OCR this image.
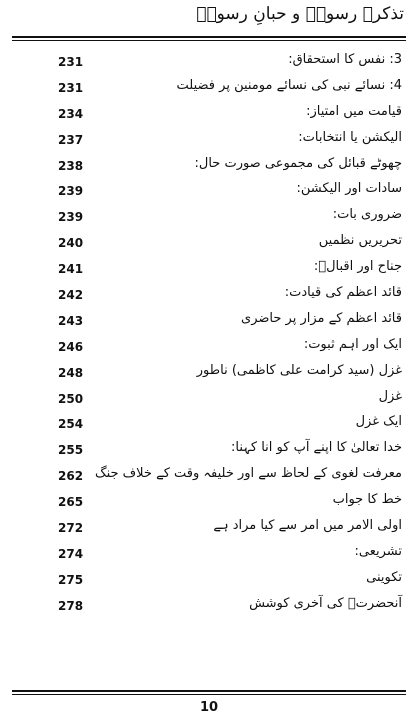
تذکرۂ رسولؐ و حبانِ رسولؐ
231	3: نفس کا استحقاق:
231	4: نسائے نبی کی نسائے مومنین پر فضیلت
234	قیامت میں امتیاز:
237	الیکشن یا انتخابات:
238	چھوٹے قبائل کی مجموعی صورت حال:
239	سادات اور الیکشن:
239	ضروری بات:
240	تحریریں نظمیں
241	جناح اور اقبالؒ:
242	قائد اعظم کی قیادت:
243	قائد اعظم کے مزار پر حاضری
246	ایک اور اہم ثبوت:
248	غزل (سید کرامت علی کاظمی) ناطور
250	غزل
254	ایک غزل
255	خدا تعالیٰ کا اپنے آپ کو انا کہنا:
262 معرفت لغوی کے لحاظ سے اور خلیفہ وقت کے خلاف جنگ
265	خط کا جواب
272	اولی الامر میں امر سے کیا مراد ہے
274	تشریعی:
275	تکوینی
278	آنحضرتؐ کی آخری کوشش
10
